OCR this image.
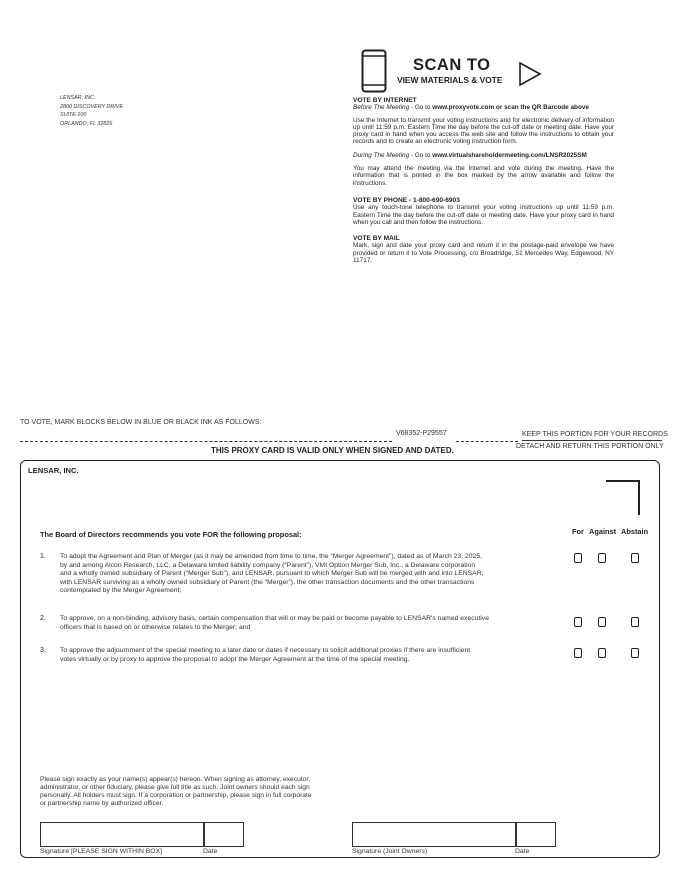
LENSAR, INC.
2800 DISCOVERY DRIVE
SUITE 100
ORLANDO, FL 32826
SCAN TO
VIEW MATERIALS & VOTE
VOTE BY INTERNET
Before The Meeting - Go to www.proxyvote.com or scan the QR Barcode above

Use the Internet to transmit your voting instructions and for electronic delivery of information up until 11:59 p.m. Eastern Time the day before the cut-off date or meeting date. Have your proxy card in hand when you access the web site and follow the instructions to obtain your records and to create an electronic voting instruction form.

During The Meeting - Go to www.virtualshareholdermeeting.com/LNSR2025SM

You may attend the meeting via the Internet and vote during the meeting. Have the information that is printed in the box marked by the arrow available and follow the instructions.

VOTE BY PHONE - 1-800-690-6903

Use any touch-tone telephone to transmit your voting instructions up until 11:59 p.m. Eastern Time the day before the cut-off date or meeting date. Have your proxy card in hand when you call and then follow the instructions.

VOTE BY MAIL

Mark, sign and date your proxy card and return it in the postage-paid envelope we have provided or return it to Vote Processing, c/o Broadridge, 51 Mercedes Way, Edgewood, NY 11717.

TO VOTE, MARK BLOCKS BELOW IN BLUE OR BLACK INK AS FOLLOWS:
V68352-P29557	KEEP THIS PORTION FOR YOUR RECORDS
DETACH AND RETURN THIS PORTION ONLY
THIS PROXY CARD IS VALID ONLY WHEN SIGNED AND DATED.
LENSAR, INC.
The Board of Directors recommends you vote FOR the following proposal:	For Against Abstain
1. To adopt the Agreement and Plan of Merger (as it may be amended from time to time, the “Merger Agreement”), dated as of March 23, 2025,
by and among Alcon Research, LLC, a Delaware limited liability company (“Parent”), VMI Option Merger Sub, Inc., a Delaware corporation
and a wholly owned subsidiary of Parent (“Merger Sub”), and LENSAR, pursuant to which Merger Sub will be merged with and into LENSAR,
with LENSAR surviving as a wholly owned subsidiary of Parent (the “Merger”), the other transaction documents and the other transactions
contemplated by the Merger Agreement;
2. To approve, on a non-binding, advisory basis, certain compensation that will or may be paid or become payable to LENSAR's named executive
officers that is based on or otherwise relates to the Merger; and
3. To approve the adjournment of the special meeting to a later date or dates if necessary to solicit additional proxies if there are insufficient
votes virtually or by proxy to approve the proposal to adopt the Merger Agreement at the time of the special meeting.
Please sign exactly as your name(s) appear(s) hereon. When signing as attorney, executor,
administrator, or other fiduciary, please give full title as such. Joint owners should each sign
personally. All holders must sign. If a corporation or partnership, please sign in full corporate
or partnership name by authorized officer.
Signature [PLEASE SIGN WITHIN BOX]	Date	Signature (Joint Owners)	Date
